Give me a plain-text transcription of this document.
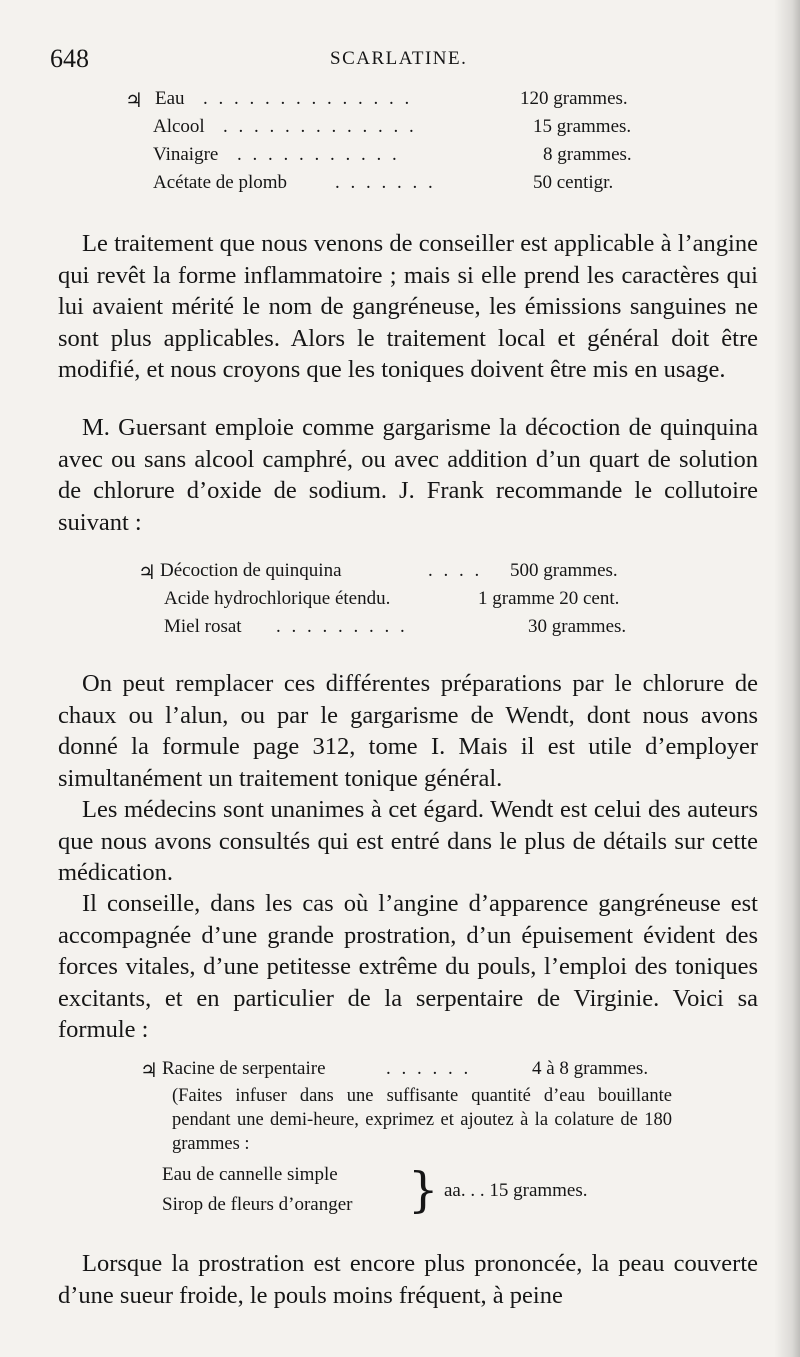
648	SCARLATINE.
♃ Eau . . . . . . . . . . . . . .	120 grammes.
Alcool . . . . . . . . . . . . .	15 grammes.
Vinaigre . . . . . . . . . . .	8 grammes.
Acétate de plomb	. . . . . . .	50 centigr.

Le traitement que nous venons de conseiller est applicable à l’angine qui revêt la forme inflammatoire ; mais si elle prend les caractères qui lui avaient mérité le nom de gangréneuse, les émissions sanguines ne sont plus applicables. Alors le traitement local et général doit être modifié, et nous croyons que les toniques doivent être mis en usage.

M. Guersant emploie comme gargarisme la décoction de quinquina avec ou sans alcool camphré, ou avec addition d’un quart de solution de chlorure d’oxide de sodium. J. Frank recommande le collutoire suivant :

♃ Décoction de quinquina	. . . . 500 grammes.
Acide hydrochlorique étendu.	1 gramme 20 cent.
Miel rosat . . . . . . . . .	30 grammes.

On peut remplacer ces différentes préparations par le chlorure de chaux ou l’alun, ou par le gargarisme de Wendt, dont nous avons donné la formule page 312, tome I. Mais il est utile d’employer simultanément un traitement tonique général.

Les médecins sont unanimes à cet égard. Wendt est celui des auteurs que nous avons consultés qui est entré dans le plus de détails sur cette médication.

Il conseille, dans les cas où l’angine d’apparence gangréneuse est accompagnée d’une grande prostration, d’un épuisement évident des forces vitales, d’une petitesse extrême du pouls, l’emploi des toniques excitants, et en particulier de la serpentaire de Virginie. Voici sa formule :

♃ Racine de serpentaire	. . . . . .	4 à 8 grammes.

(Faites infuser dans une suffisante quantité d’eau bouillante pendant une demi-heure, exprimez et ajoutez à la colature de 180 grammes :

Eau de cannelle simple
Sirop de fleurs d’oranger } aa. . . 15 grammes.

Lorsque la prostration est encore plus prononcée, la peau couverte d’une sueur froide, le pouls moins fréquent, à peine
